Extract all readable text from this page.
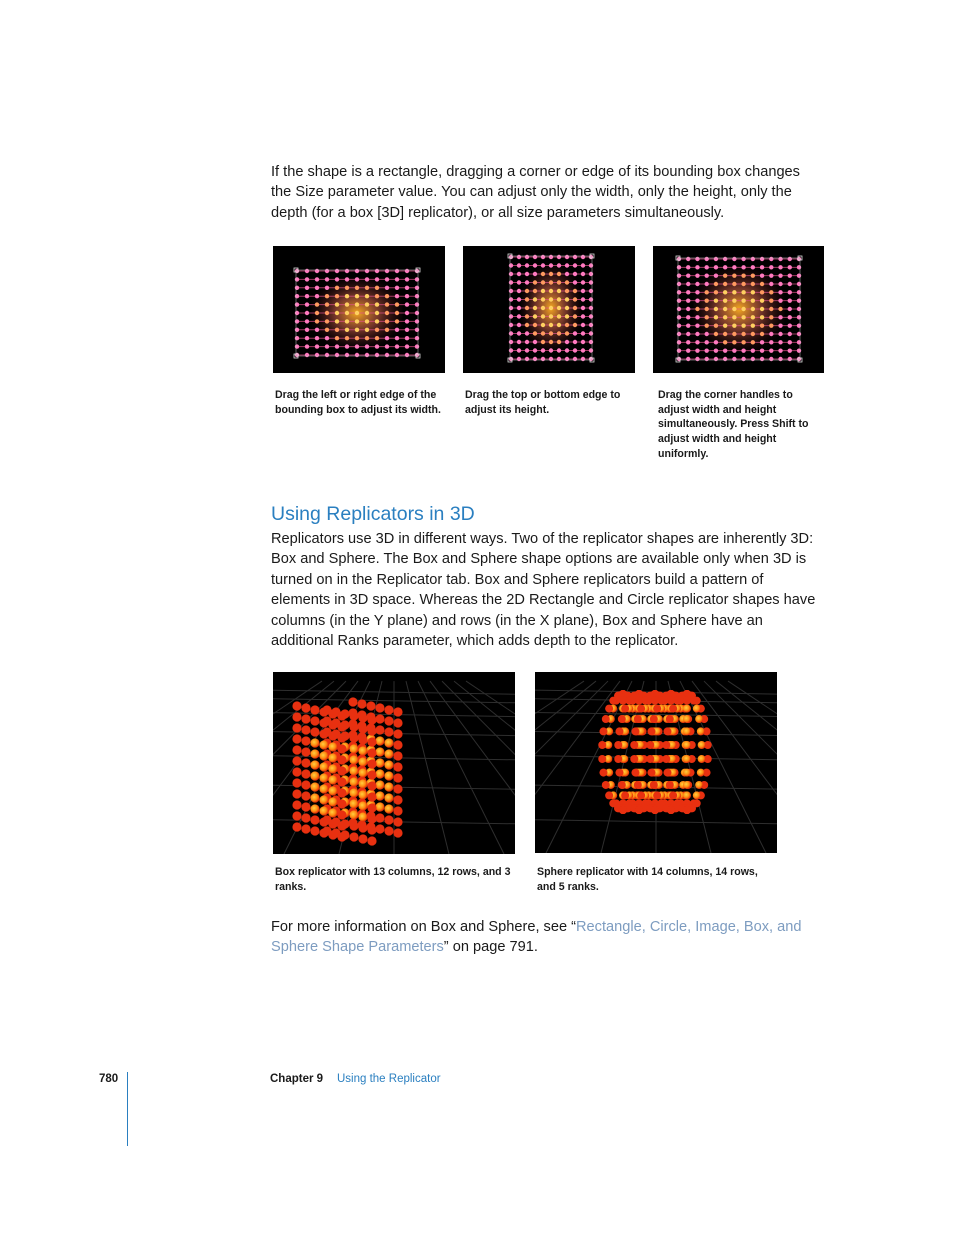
If the shape is a rectangle, dragging a corner or edge of its bounding box changes the Size parameter value. You can adjust only the width, only the height, only the depth (for a box [3D] replicator), or all size parameters simultaneously.

Drag the left or right edge of the bounding box to adjust its width.

Drag the top or bottom edge to adjust its height.

Drag the corner handles to adjust width and height simultaneously. Press Shift to adjust width and height uniformly.

Using Replicators in 3D

Replicators use 3D in different ways. Two of the replicator shapes are inherently 3D: Box and Sphere. The Box and Sphere shape options are available only when 3D is turned on in the Replicator tab. Box and Sphere replicators build a pattern of elements in 3D space. Whereas the 2D Rectangle and Circle replicator shapes have columns (in the Y plane) and rows (in the X plane), Box and Sphere have an additional Ranks parameter, which adds depth to the replicator.

Box replicator with 13 columns, 12 rows, and 3 ranks.

Sphere replicator with 14 columns, 14 rows, and 5 ranks.

For more information on Box and Sphere, see “Rectangle, Circle, Image, Box, and Sphere Shape Parameters” on page 791.

780	Chapter 9 Using the Replicator
